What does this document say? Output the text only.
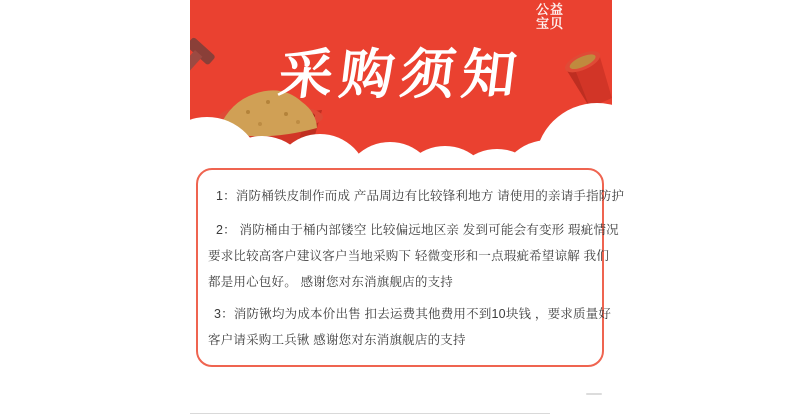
公益
宝贝
采购须知
1：消防桶铁皮制作而成 产品周边有比较锋利地方 请使用的亲请手指防护
2： 消防桶由于桶内部镂空 比较偏远地区亲 发到可能会有变形 瑕疵情况
要求比较高客户建议客户当地采购下 轻微变形和一点瑕疵希望谅解 我们
都是用心包好。 感谢您对东消旗舰店的支持
3：消防锹均为成本价出售 扣去运费其他费用不到10块钱 ，要求质量好
客户请采购工兵锹 感谢您对东消旗舰店的支持
